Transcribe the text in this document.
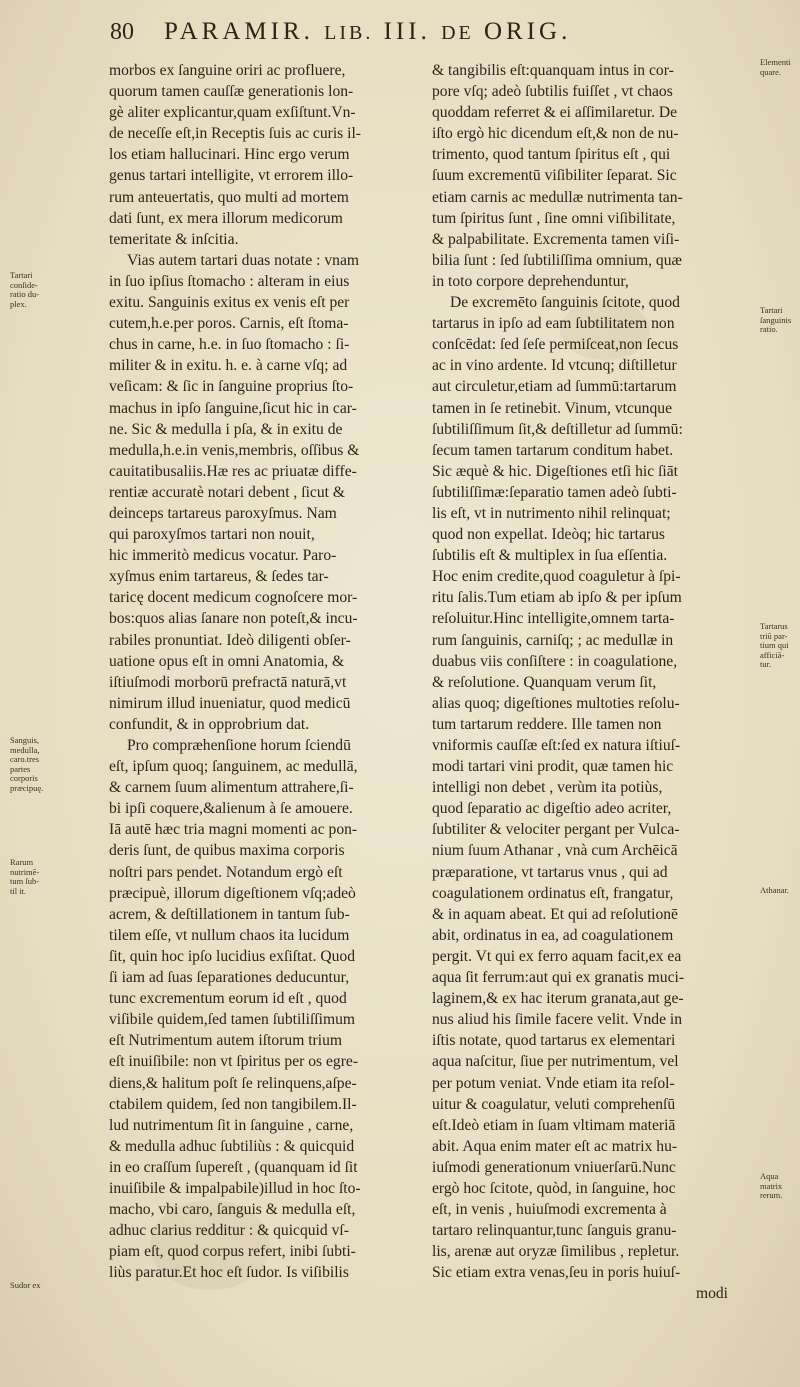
80	PARAMIR. LIB. III. DE ORIG.
morbos ex ſanguine oriri ac profluere,
quorum tamen cauſſæ generationis lon-
gè aliter explicantur,quam exſiſtunt.Vn-
de neceſſe eſt,in Receptis ſuis ac curis il-
los etiam hallucinari. Hinc ergo verum
genus tartari intelligite, vt errorem illo-
rum anteuertatis, quo multi ad mortem
dati ſunt, ex mera illorum medicorum
temeritate & inſcitia.
Vias autem tartari duas notate : vnam
in ſuo ipſius ſtomacho : alteram in eius
exitu. Sanguinis exitus ex venis eſt per
cutem,h.e.per poros. Carnis, eſt ſtoma-
chus in carne, h.e. in ſuo ſtomacho : ſi-
militer & in exitu. h. e. à carne vſq; ad
veſicam: & ſic in ſanguine proprius ſto-
machus in ipſo ſanguine,ſicut hic in car-
ne. Sic & medulla i pſa, & in exitu de
medulla,h.e.in venis,membris, oſſibus &
cauitatibusaliis.Hæ res ac priuatæ diffe-
rentiæ accuratè notari debent , ſicut &
deinceps tartareus paroxyſmus. Nam
qui paroxyſmos tartari non nouit,
hic immeritò medicus vocatur. Paro-
xyſmus enim tartareus, & ſedes tar-
taricę docent medicum cognoſcere mor-
bos:quos alias ſanare non poteſt,& incu-
rabiles pronuntiat. Ideò diligenti obſer-
uatione opus eſt in omni Anatomia, &
iſtiuſmodi morborū prefractā naturā,vt
nimirum illud inueniatur, quod medicū
confundit, & in opprobrium dat.
Pro compræhenſione horum ſciendū
eſt, ipſum quoq; ſanguinem, ac medullā,
& carnem ſuum alimentum attrahere,ſi-
bi ipſi coquere,&alienum à ſe amouere.
Iā autē hæc tria magni momenti ac pon-
deris ſunt, de quibus maxima corporis
noſtri pars pendet. Notandum ergò eſt
præcipuè, illorum digeſtionem vſq;adeò
acrem, & deſtillationem in tantum ſub-
tilem eſſe, vt nullum chaos ita lucidum
ſit, quin hoc ipſo lucidius exſiſtat. Quod
ſi iam ad ſuas ſeparationes deducuntur,
tunc excrementum eorum id eſt , quod
viſibile quidem,ſed tamen ſubtiliſſimum
eſt Nutrimentum autem iſtorum trium
eſt inuiſibile: non vt ſpiritus per os egre-
diens,& halitum poſt ſe relinquens,aſpe-
ctabilem quidem, ſed non tangibilem.Il-
lud nutrimentum ſit in ſanguine , carne,
& medulla adhuc ſubtiliùs : & quicquid
in eo craſſum ſupereſt , (quanquam id ſit
inuiſibile & impalpabile)illud in hoc ſto-
macho, vbi caro, ſanguis & medulla eſt,
adhuc clarius redditur : & quicquid vſ-
piam eſt, quod corpus refert, inibi ſubti-
liùs paratur.Et hoc eſt ſudor. Is viſibilis
& tangibilis eſt:quanquam intus in cor-
pore vſq; adeò ſubtilis fuiſſet , vt chaos
quoddam referret & ei aſſimilaretur. De
iſto ergò hic dicendum eſt,& non de nu-
trimento, quod tantum ſpiritus eſt , qui
ſuum excrementū viſibiliter ſeparat. Sic
etiam carnis ac medullæ nutrimenta tan-
tum ſpiritus ſunt , ſine omni viſibilitate,
& palpabilitate. Excrementa tamen viſi-
bilia ſunt : ſed ſubtiliſſima omnium, quæ
in toto corpore deprehenduntur,
De excremēto ſanguinis ſcitote, quod
tartarus in ipſo ad eam ſubtilitatem non
conſcēdat: ſed ſeſe permiſceat,non ſecus
ac in vino ardente. Id vtcunq; diſtilletur
aut circuletur,etiam ad ſummū:tartarum
tamen in ſe retinebit. Vinum, vtcunque
ſubtiliſſimum ſit,& deſtilletur ad ſummū:
ſecum tamen tartarum conditum habet.
Sic æquè & hic. Digeſtiones etſi hic ſiāt
ſubtiliſſimæ:ſeparatio tamen adeò ſubti-
lis eſt, vt in nutrimento nihil relinquat;
quod non expellat. Ideòq; hic tartarus
ſubtilis eſt & multiplex in ſua eſſentia.
Hoc enim credite,quod coaguletur à ſpi-
ritu ſalis.Tum etiam ab ipſo & per ipſum
reſoluitur.Hinc intelligite,omnem tarta-
rum ſanguinis, carniſq; ; ac medullæ in
duabus viis conſiſtere : in coagulatione,
& reſolutione. Quanquam verum ſit,
alias quoq; digeſtiones multoties reſolu-
tum tartarum reddere. Ille tamen non
vniformis cauſſæ eſt:ſed ex natura iſtiuſ-
modi tartari vini prodit, quæ tamen hic
intelligi non debet , verùm ita potiùs,
quod ſeparatio ac digeſtio adeo acriter,
ſubtiliter & velociter pergant per Vulca-
nium ſuum Athanar , vnà cum Archēicā
præparatione, vt tartarus vnus , qui ad
coagulationem ordinatus eſt, frangatur,
& in aquam abeat. Et qui ad reſolutionē
abit, ordinatus in ea, ad coagulationem
pergit. Vt qui ex ferro aquam facit,ex ea
aqua ſit ferrum:aut qui ex granatis muci-
laginem,& ex hac iterum granata,aut ge-
nus aliud his ſimile facere velit. Vnde in
iſtis notate, quod tartarus ex elementari
aqua naſcitur, ſiue per nutrimentum, vel
per potum veniat. Vnde etiam ita reſol-
uitur & coagulatur, veluti comprehenſū
eſt.Ideò etiam in ſuam vltimam materiā
abit. Aqua enim mater eſt ac matrix hu-
iuſmodi generationum vniuerſarū.Nunc
ergò hoc ſcitote, quòd, in ſanguine, hoc
eſt, in venis , huiuſmodi excrementa à
tartaro relinquantur,tunc ſanguis granu-
lis, arenæ aut oryzæ ſimilibus , repletur.
Sic etiam extra venas,ſeu in poris huiuſ-
modi
Tartari
conſide-
ratio du-
plex.
Sanguis,
medulla,
caro.tres
partes
corporis
præcipuę.
Rarum
nutrimē-
tum ſub-
til it.
Sudor ex
Elementi
quare.
Tartari
ſanguinis
ratio.
Tartarus
triū par-
tium qui
afficiā-
tur.
Athanar.
Aqua
matrix
rerum.
